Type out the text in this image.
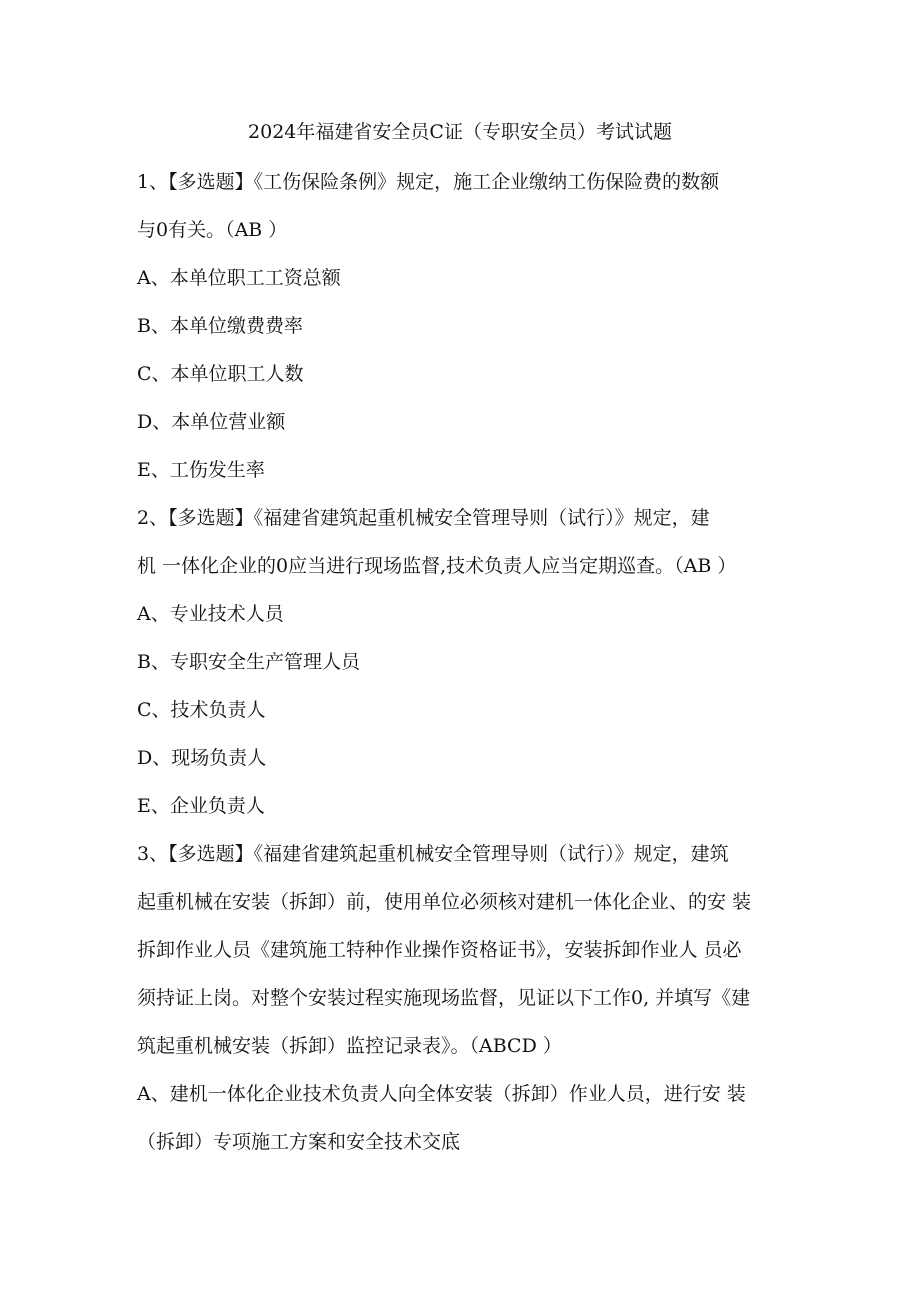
2024年福建省安全员C证（专职安全员）考试试题
1、【多选题】《工伤保险条例》规定，施工企业缴纳工伤保险费的数额
与0有关。（AB ）
A、本单位职工工资总额
B、本单位缴费费率
C、本单位职工人数
D、本单位营业额
E、工伤发生率
2、【多选题】《福建省建筑起重机械安全管理导则（试行）》规定，建
机 一体化企业的0应当进行现场监督,技术负责人应当定期巡查。（AB ）
A、专业技术人员
B、专职安全生产管理人员
C、技术负责人
D、现场负责人
E、企业负责人
3、【多选题】《福建省建筑起重机械安全管理导则（试行）》规定，建筑
起重机械在安装（拆卸）前，使用单位必须核对建机一体化企业、的安 装
拆卸作业人员《建筑施工特种作业操作资格证书》，安装拆卸作业人 员必
须持证上岗。对整个安装过程实施现场监督，见证以下工作0, 并填写《建
筑起重机械安装（拆卸）监控记录表》。（ABCD ）
A、建机一体化企业技术负责人向全体安装（拆卸）作业人员，进行安 装
（拆卸）专项施工方案和安全技术交底
